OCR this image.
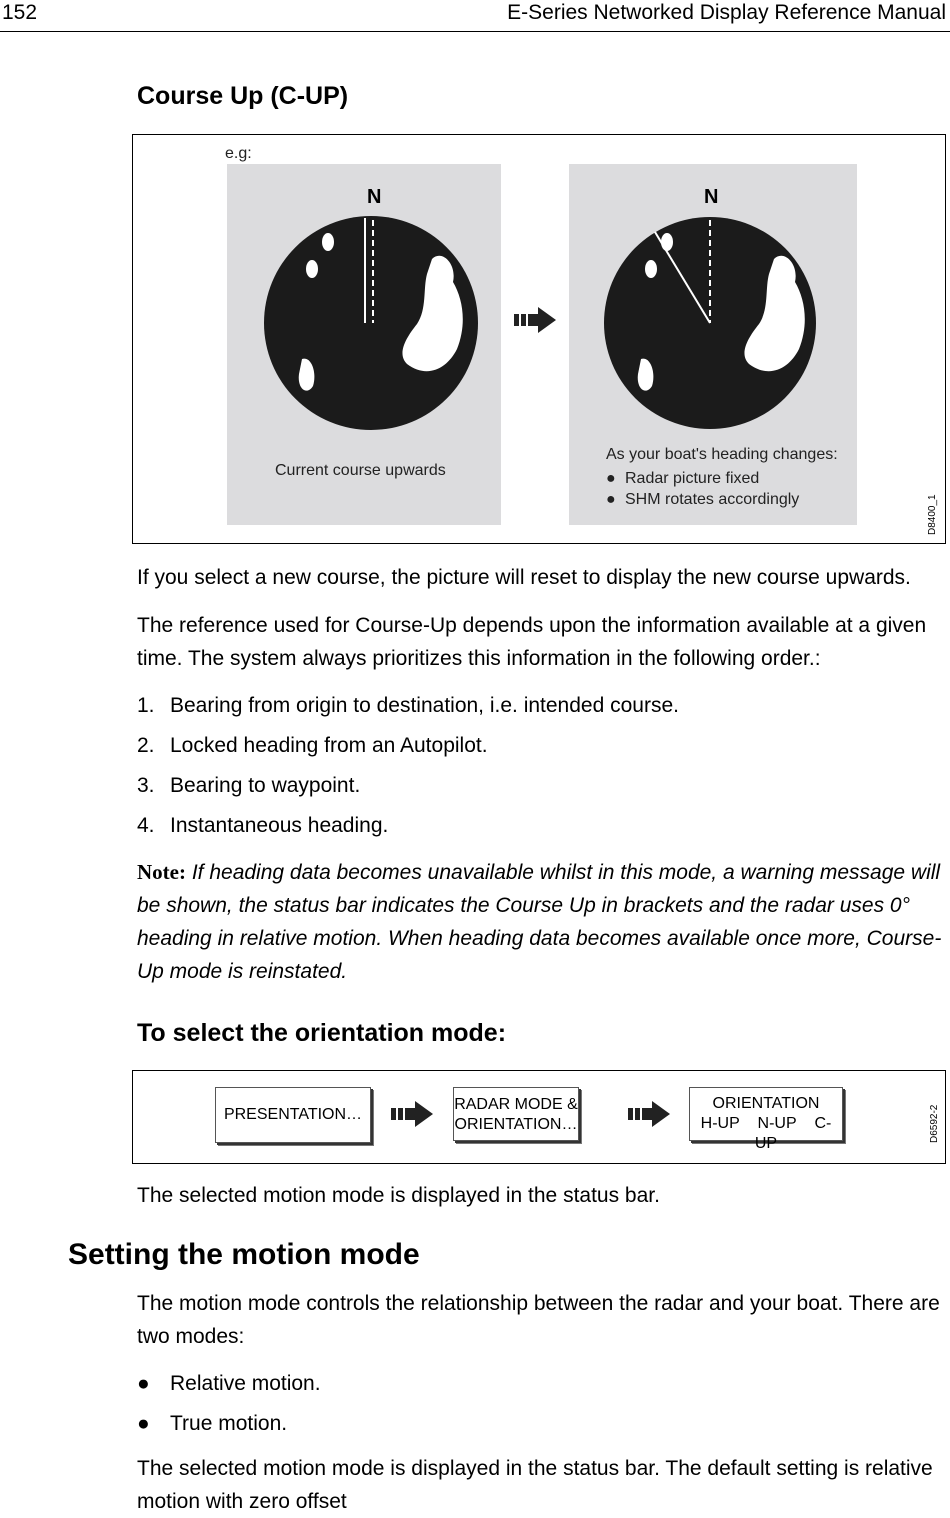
152	E-Series Networked Display Reference Manual
Course Up (C-UP)
e.g:
N
Current course upwards
N
As your boat's heading changes:
● Radar picture fixed
● SHM rotates accordingly	D8400_1
If you select a new course, the picture will reset to display the new course upwards.
The reference used for Course-Up depends upon the information available at a given time. The system always prioritizes this information in the following order.:
1. Bearing from origin to destination, i.e. intended course.
2. Locked heading from an Autopilot.
3. Bearing to waypoint.
4. Instantaneous heading.
Note: If heading data becomes unavailable whilst in this mode, a warning message will be shown, the status bar indicates the Course Up in brackets and the radar uses 0° heading in relative motion. When heading data becomes available once more, Course-Up mode is reinstated.
To select the orientation mode:
PRESENTATION…
RADAR MODE &
ORIENTATION…
ORIENTATION
H-UP N-UP C-UP
D6592-2
The selected motion mode is displayed in the status bar.
Setting the motion mode
The motion mode controls the relationship between the radar and your boat. There are two modes:
● Relative motion.
● True motion.
The selected motion mode is displayed in the status bar. The default setting is relative motion with zero offset
